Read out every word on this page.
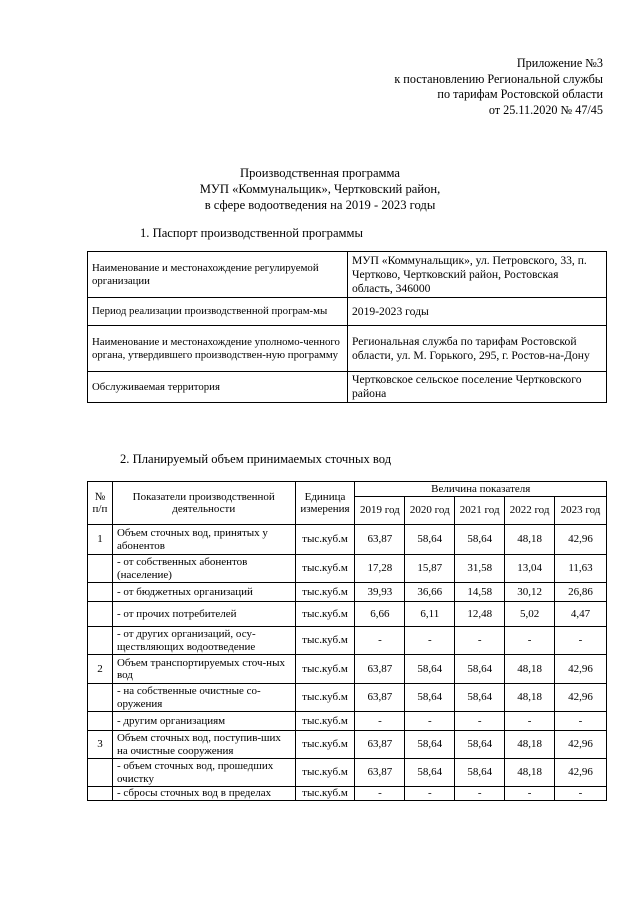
Приложение №3
к постановлению Региональной службы
по тарифам Ростовской области
от 25.11.2020 № 47/45
Производственная программа
МУП «Коммунальщик», Чертковский район,
в сфере водоотведения на 2019 - 2023 годы
1. Паспорт производственной программы
Наименование и местонахождение регулируемой организации	МУП «Коммунальщик», ул. Петровского, 33, п. Чертково, Чертковский район, Ростовская область, 346000
Период реализации производственной програм-мы	2019-2023 годы
Наименование и местонахождение уполномо-ченного органа, утвердившего производствен-ную программу	Региональная служба по тарифам Ростовской области, ул. М. Горького, 295, г. Ростов-на-Дону
Обслуживаемая территория	Чертковское сельское поселение Чертковского района
2. Планируемый объем принимаемых сточных вод
№ п/п	Показатели производственной деятельности	Единица измерения	Величина показателя				
			2019 год	2020 год	2021 год	2022 год	2023 год
1	Объем сточных вод, принятых у абонентов	тыс.куб.м	63,87	58,64	58,64	48,18	42,96
	- от собственных абонентов (население)	тыс.куб.м	17,28	15,87	31,58	13,04	11,63
	- от бюджетных организаций	тыс.куб.м	39,93	36,66	14,58	30,12	26,86
	- от прочих потребителей	тыс.куб.м	6,66	6,11	12,48	5,02	4,47
	- от других организаций, осу-ществляющих водоотведение	тыс.куб.м	-	-	-	-	-
2	Объем транспортируемых сточ-ных вод	тыс.куб.м	63,87	58,64	58,64	48,18	42,96
	- на собственные очистные со-оружения	тыс.куб.м	63,87	58,64	58,64	48,18	42,96
	- другим организациям	тыс.куб.м	-	-	-	-	-
3	Объем сточных вод, поступив-ших на очистные сооружения	тыс.куб.м	63,87	58,64	58,64	48,18	42,96
	- объем сточных вод, прошедших очистку	тыс.куб.м	63,87	58,64	58,64	48,18	42,96
	- сбросы сточных вод в пределах	тыс.куб.м	-	-	-	-	-
